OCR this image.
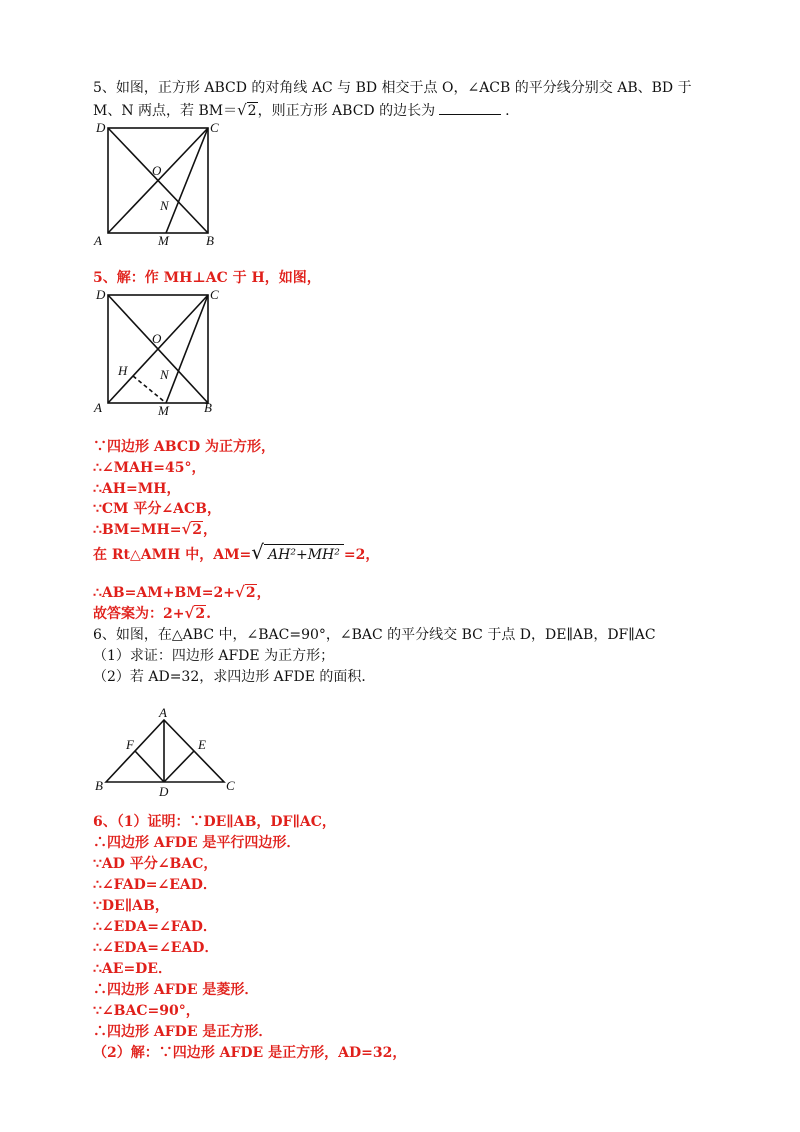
5、如图，正方形 ABCD 的对角线 AC 与 BD 相交于点 O，∠ACB 的平分线分别交 AB、BD 于
M、N 两点，若 BM＝√2，则正方形 ABCD 的边长为	.
D	C
O
N
A	M	B
5、解：作 MH⊥AC 于 H，如图，
D	C
O
H	N
A	M	B
∵四边形 ABCD 为正方形，
∴∠MAH=45°，
∴AH=MH，
∵CM 平分∠ACB，
∴BM=MH=√2，
在 Rt△AMH 中，AM=√ AH²+MH² =2，
∴AB=AM+BM=2+√2，
故答案为：2+√2.
6、如图，在△ABC 中，∠BAC=90°，∠BAC 的平分线交 BC 于点 D，DE∥AB，DF∥AC
（1）求证：四边形 AFDE 为正方形；
（2）若 AD=32，求四边形 AFDE 的面积．
A
F	E
B	D	C
6、（1）证明：∵DE∥AB，DF∥AC，
∴四边形 AFDE 是平行四边形．
∵AD 平分∠BAC，
∴∠FAD=∠EAD．
∵DE∥AB，
∴∠EDA=∠FAD．
∴∠EDA=∠EAD．
∴AE=DE．
∴四边形 AFDE 是菱形．
∵∠BAC=90°，
∴四边形 AFDE 是正方形．
（2）解：∵四边形 AFDE 是正方形，AD=32，
